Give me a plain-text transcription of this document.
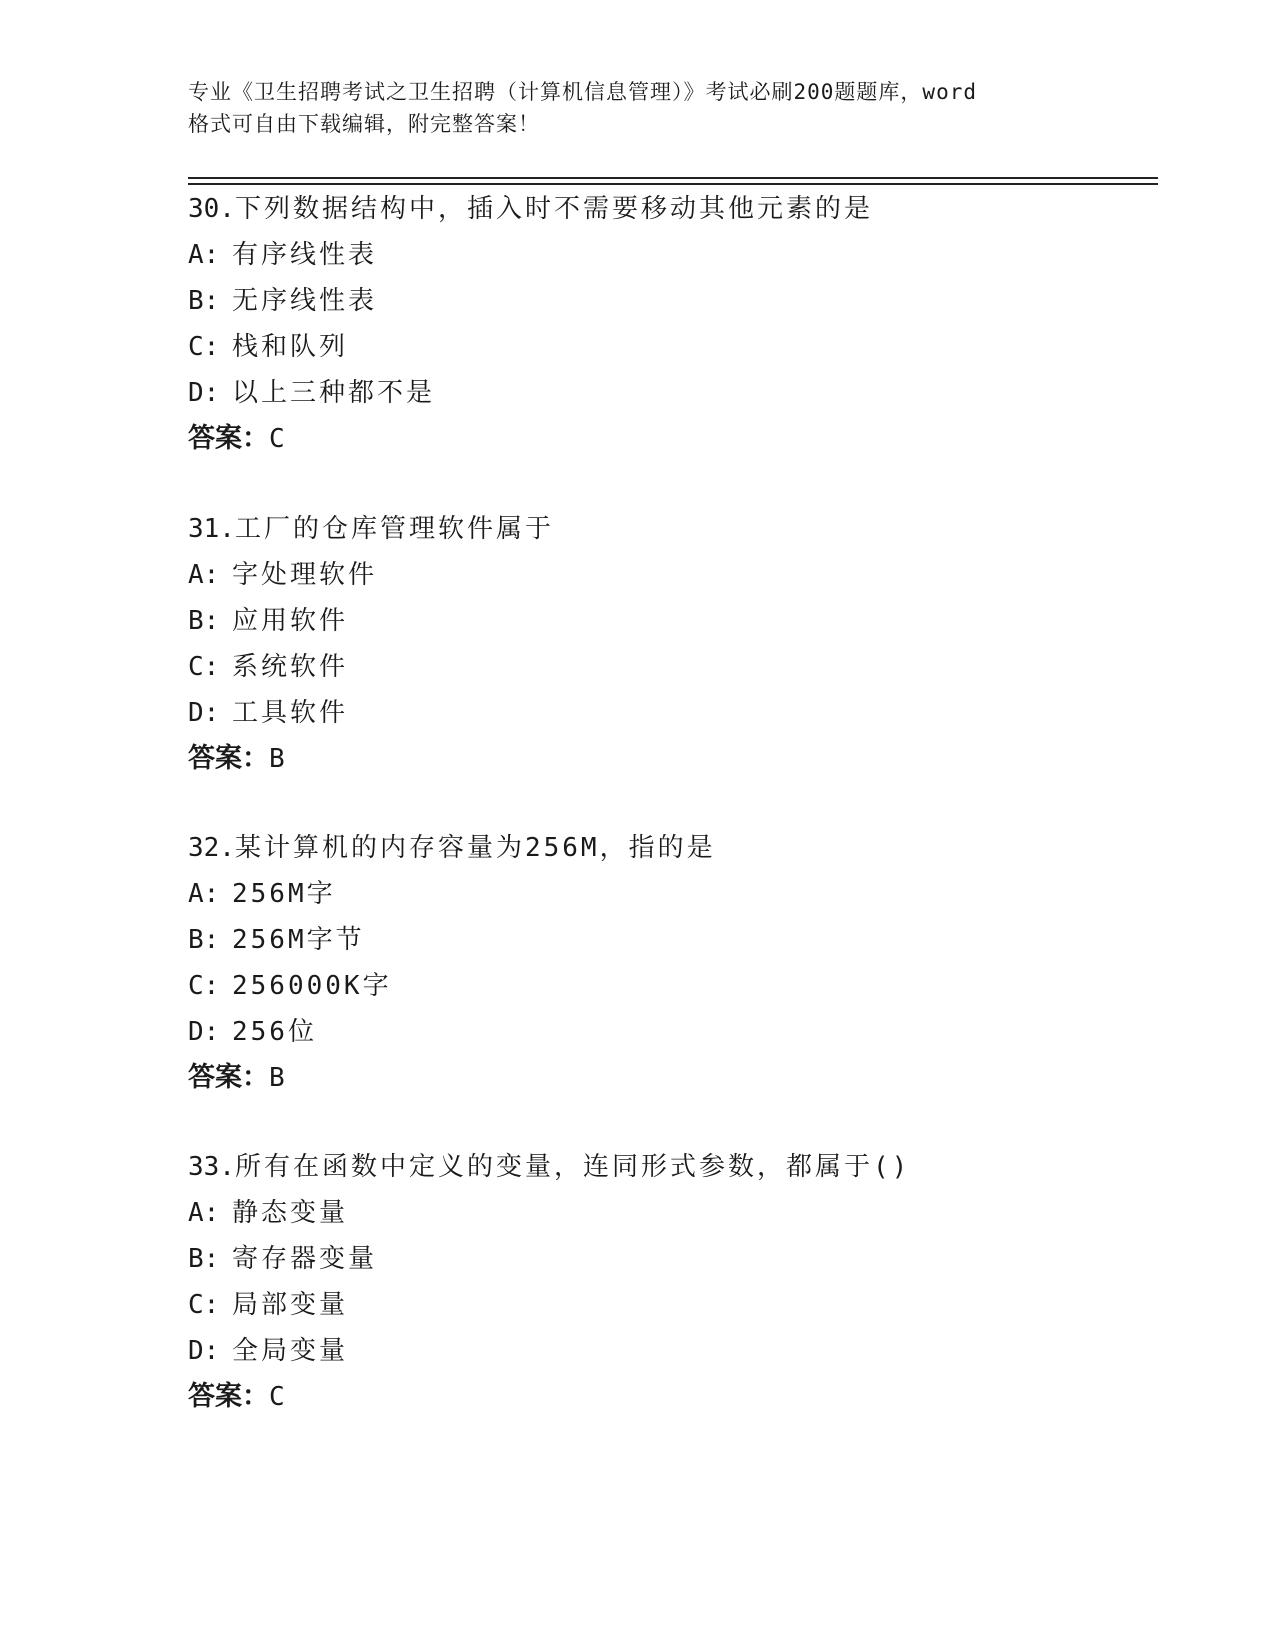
专业《卫生招聘考试之卫生招聘（计算机信息管理）》考试必刷200题题库，word
格式可自由下载编辑，附完整答案！
30.下列数据结构中，插入时不需要移动其他元素的是
A: 有序线性表
B: 无序线性表
C: 栈和队列
D: 以上三种都不是
答案：C
31.工厂的仓库管理软件属于
A: 字处理软件
B: 应用软件
C: 系统软件
D: 工具软件
答案：B
32.某计算机的内存容量为256M，指的是
A: 256M字
B: 256M字节
C: 256000K字
D: 256位
答案：B
33.所有在函数中定义的变量，连同形式参数，都属于()
A: 静态变量
B: 寄存器变量
C: 局部变量
D: 全局变量
答案：C
